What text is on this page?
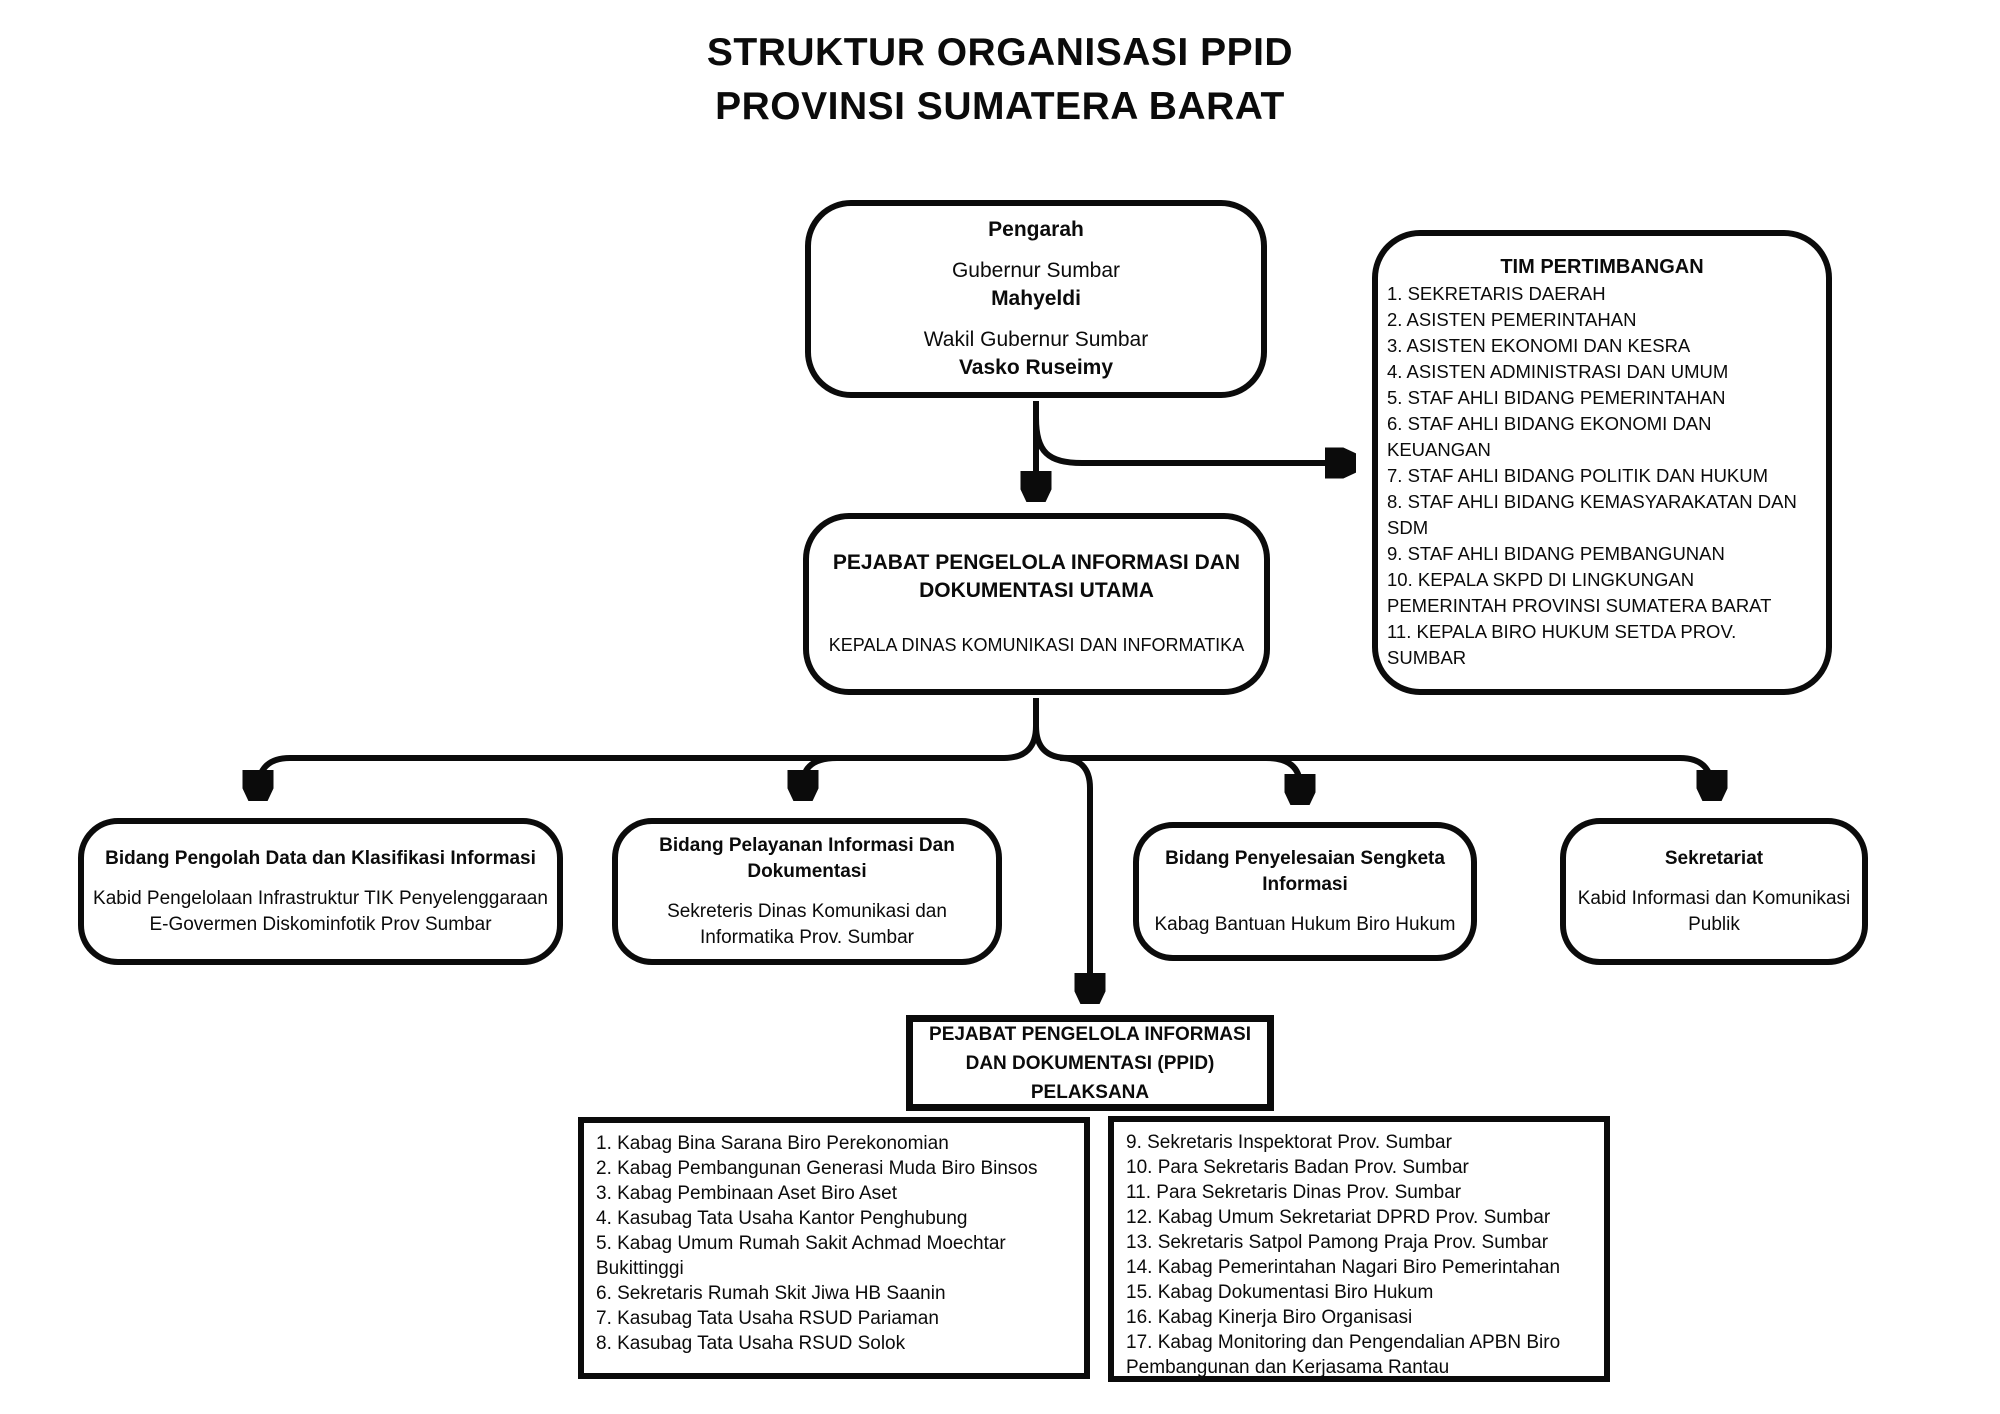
STRUKTUR ORGANISASI PPID
PROVINSI SUMATERA BARAT
Pengarah
Gubernur Sumbar
Mahyeldi
Wakil Gubernur Sumbar
Vasko Ruseimy
TIM PERTIMBANGAN
1. SEKRETARIS DAERAH
2. ASISTEN PEMERINTAHAN
3. ASISTEN EKONOMI DAN KESRA
4. ASISTEN ADMINISTRASI DAN UMUM
5. STAF AHLI BIDANG PEMERINTAHAN
6. STAF AHLI BIDANG EKONOMI DAN KEUANGAN
7. STAF AHLI BIDANG POLITIK DAN HUKUM
8. STAF AHLI BIDANG KEMASYARAKATAN DAN SDM
9. STAF AHLI BIDANG PEMBANGUNAN
10. KEPALA SKPD DI LINGKUNGAN PEMERINTAH PROVINSI SUMATERA BARAT
11. KEPALA BIRO HUKUM SETDA PROV. SUMBAR
PEJABAT PENGELOLA INFORMASI DAN
DOKUMENTASI UTAMA
KEPALA DINAS KOMUNIKASI DAN INFORMATIKA
Bidang Pengolah Data dan Klasifikasi Informasi
Kabid Pengelolaan Infrastruktur TIK Penyelenggaraan E-Govermen Diskominfotik Prov Sumbar
Bidang Pelayanan Informasi Dan Dokumentasi
Sekreteris Dinas Komunikasi dan Informatika Prov. Sumbar
Bidang Penyelesaian Sengketa Informasi
Kabag Bantuan Hukum Biro Hukum
Sekretariat
Kabid Informasi dan Komunikasi Publik
PEJABAT PENGELOLA INFORMASI
DAN DOKUMENTASI (PPID)
PELAKSANA
1. Kabag Bina Sarana Biro Perekonomian
2. Kabag Pembangunan Generasi Muda Biro Binsos
3. Kabag Pembinaan Aset Biro Aset
4. Kasubag Tata Usaha Kantor Penghubung
5. Kabag Umum Rumah Sakit Achmad Moechtar Bukittinggi
6. Sekretaris Rumah Skit Jiwa HB Saanin
7. Kasubag Tata Usaha RSUD Pariaman
8. Kasubag Tata Usaha RSUD Solok
9. Sekretaris Inspektorat Prov. Sumbar
10. Para Sekretaris Badan Prov. Sumbar
11. Para Sekretaris Dinas Prov. Sumbar
12. Kabag Umum Sekretariat DPRD Prov. Sumbar
13. Sekretaris Satpol Pamong Praja Prov. Sumbar
14. Kabag Pemerintahan Nagari Biro Pemerintahan
15. Kabag Dokumentasi Biro Hukum
16. Kabag Kinerja Biro Organisasi
17. Kabag Monitoring dan Pengendalian APBN Biro Pembangunan dan Kerjasama Rantau
